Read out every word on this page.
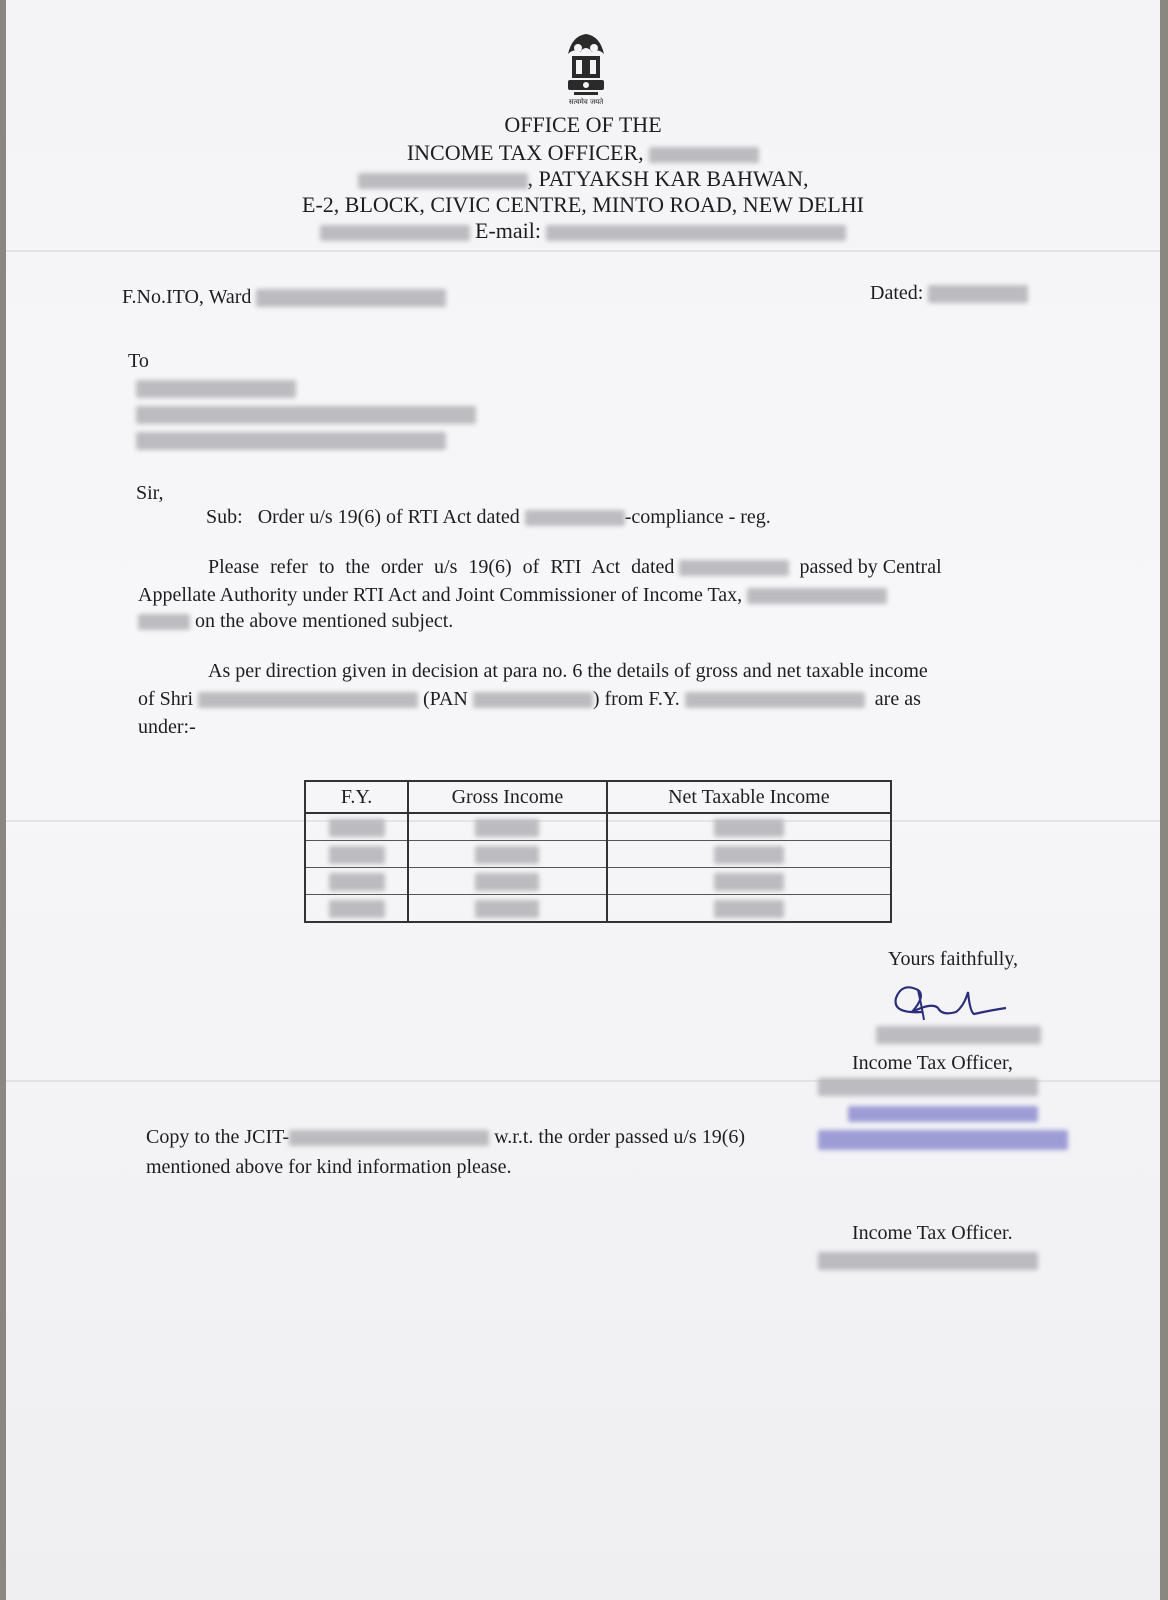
सत्यमेव जयते
OFFICE OF THE
INCOME TAX OFFICER,
, PATYAKSH KAR BAHWAN,
E-2, BLOCK, CIVIC CENTRE, MINTO ROAD, NEW DELHI
E-mail:
F.No.ITO, Ward	Dated:
To
Sir,
Sub: Order u/s 19(6) of RTI Act dated	-compliance - reg.
Please refer to the order u/s 19(6) of RTI Act dated	passed by Central
Appellate Authority under RTI Act and Joint Commissioner of Income Tax,
on the above mentioned subject.
As per direction given in decision at para no. 6 the details of gross and net taxable income
of Shri	(PAN	) from F.Y.	are as
under:-
F.Y.	Gross Income	Net Taxable Income

Yours faithfully,
Income Tax Officer,
Copy to the JCIT-	w.r.t. the order passed u/s 19(6)
mentioned above for kind information please.
Income Tax Officer.
